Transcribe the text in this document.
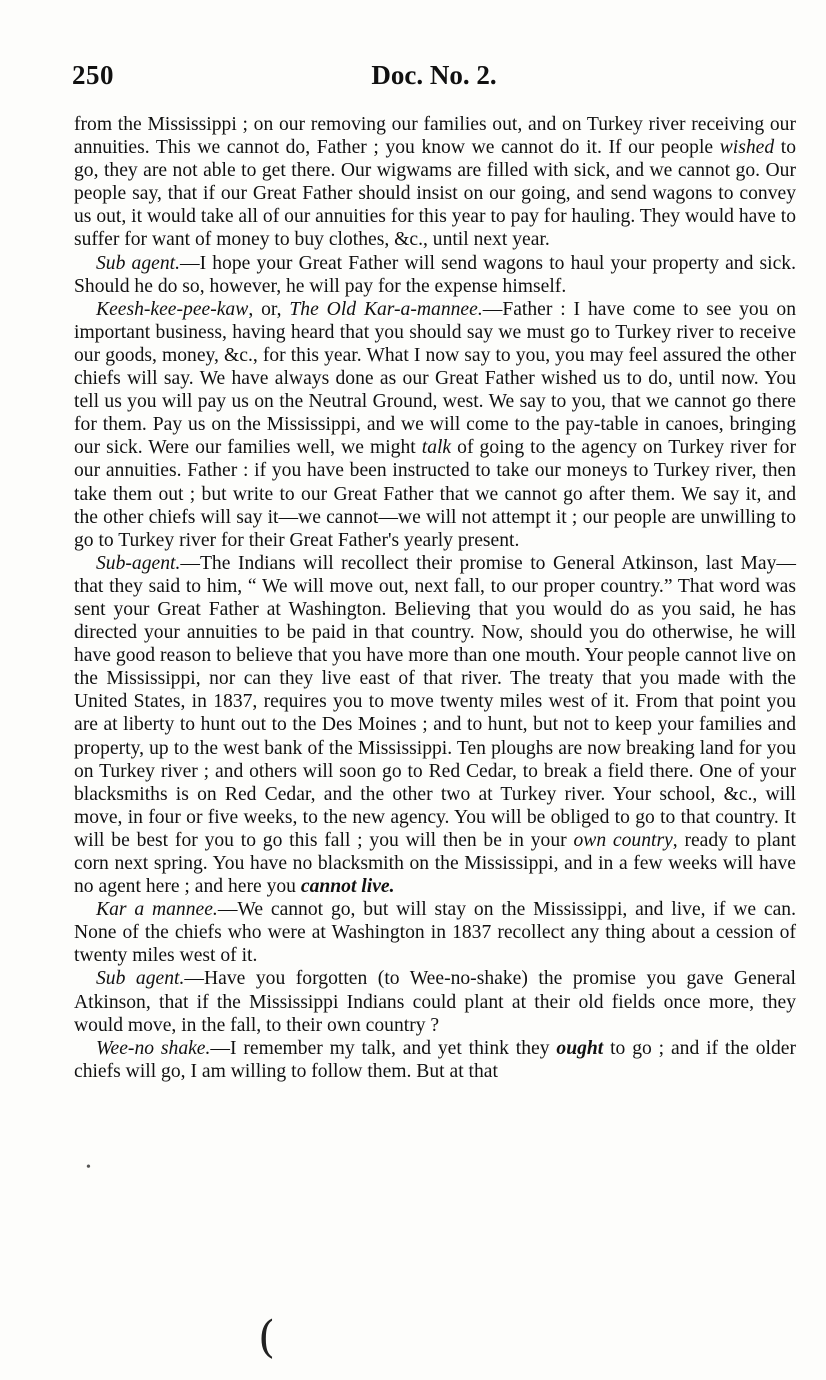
250	Doc. No. 2.

from the Mississippi ; on our removing our families out, and on Turkey river receiving our annuities. This we cannot do, Father ; you know we cannot do it. If our people wished to go, they are not able to get there. Our wigwams are filled with sick, and we cannot go. Our people say, that if our Great Father should insist on our going, and send wagons to convey us out, it would take all of our annuities for this year to pay for hauling. They would have to suffer for want of money to buy clothes, &c., until next year.

Sub agent.—I hope your Great Father will send wagons to haul your property and sick. Should he do so, however, he will pay for the expense himself.

Keesh-kee-pee-kaw, or, The Old Kar-a-mannee.—Father : I have come to see you on important business, having heard that you should say we must go to Turkey river to receive our goods, money, &c., for this year. What I now say to you, you may feel assured the other chiefs will say. We have always done as our Great Father wished us to do, until now. You tell us you will pay us on the Neutral Ground, west. We say to you, that we cannot go there for them. Pay us on the Mississippi, and we will come to the pay-table in canoes, bringing our sick. Were our families well, we might talk of going to the agency on Turkey river for our annuities. Father : if you have been instructed to take our moneys to Turkey river, then take them out ; but write to our Great Father that we cannot go after them. We say it, and the other chiefs will say it—we cannot—we will not attempt it ; our people are unwilling to go to Turkey river for their Great Father's yearly present.

Sub-agent.—The Indians will recollect their promise to General Atkinson, last May—that they said to him, “ We will move out, next fall, to our proper country.” That word was sent your Great Father at Washington. Believing that you would do as you said, he has directed your annuities to be paid in that country. Now, should you do otherwise, he will have good reason to believe that you have more than one mouth. Your people cannot live on the Mississippi, nor can they live east of that river. The treaty that you made with the United States, in 1837, requires you to move twenty miles west of it. From that point you are at liberty to hunt out to the Des Moines ; and to hunt, but not to keep your families and property, up to the west bank of the Mississippi. Ten ploughs are now breaking land for you on Turkey river ; and others will soon go to Red Cedar, to break a field there. One of your blacksmiths is on Red Cedar, and the other two at Turkey river. Your school, &c., will move, in four or five weeks, to the new agency. You will be obliged to go to that country. It will be best for you to go this fall ; you will then be in your own country, ready to plant corn next spring. You have no blacksmith on the Mississippi, and in a few weeks will have no agent here ; and here you cannot live.

Kar a mannee.—We cannot go, but will stay on the Mississippi, and live, if we can. None of the chiefs who were at Washington in 1837 recollect any thing about a cession of twenty miles west of it.

Sub agent.—Have you forgotten (to Wee-no-shake) the promise you gave General Atkinson, that if the Mississippi Indians could plant at their old fields once more, they would move, in the fall, to their own country ?

Wee-no shake.—I remember my talk, and yet think they ought to go ; and if the older chiefs will go, I am willing to follow them. But at that

(
•
